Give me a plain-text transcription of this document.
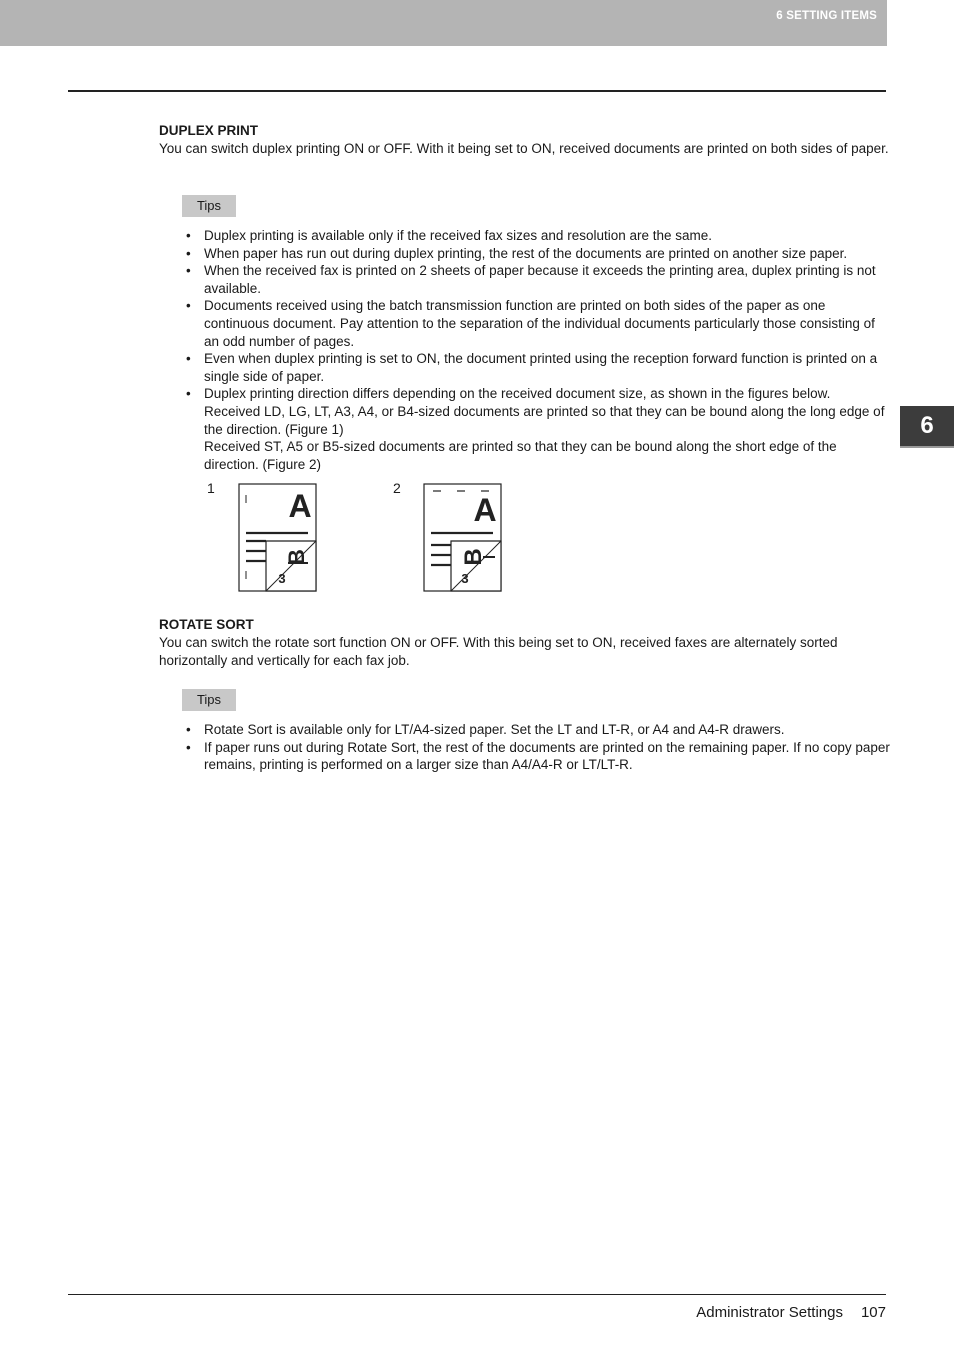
6 SETTING ITEMS
6
DUPLEX PRINT
You can switch duplex printing ON or OFF. With it being set to ON, received documents are printed on both sides of paper.
Tips
• Duplex printing is available only if the received fax sizes and resolution are the same.
• When paper has run out during duplex printing, the rest of the documents are printed on another size paper.
• When the received fax is printed on 2 sheets of paper because it exceeds the printing area, duplex printing is not available.
• Documents received using the batch transmission function are printed on both sides of the paper as one continuous document. Pay attention to the separation of the individual documents particularly those consisting of an odd number of pages.
• Even when duplex printing is set to ON, the document printed using the reception forward function is printed on a single side of paper.
• Duplex printing direction differs depending on the received document size, as shown in the figures below.
Received LD, LG, LT, A3, A4, or B4-sized documents are printed so that they can be bound along the long edge of the direction. (Figure 1)
Received ST, A5 or B5-sized documents are printed so that they can be bound along the short edge of the direction. (Figure 2)
1 A
B
3
2
A
B
3
ROTATE SORT
You can switch the rotate sort function ON or OFF. With this being set to ON, received faxes are alternately sorted horizontally and vertically for each fax job.
Tips
• Rotate Sort is available only for LT/A4-sized paper. Set the LT and LT-R, or A4 and A4-R drawers.
• If paper runs out during Rotate Sort, the rest of the documents are printed on the remaining paper. If no copy paper remains, printing is performed on a larger size than A4/A4-R or LT/LT-R.
Administrator Settings 107
